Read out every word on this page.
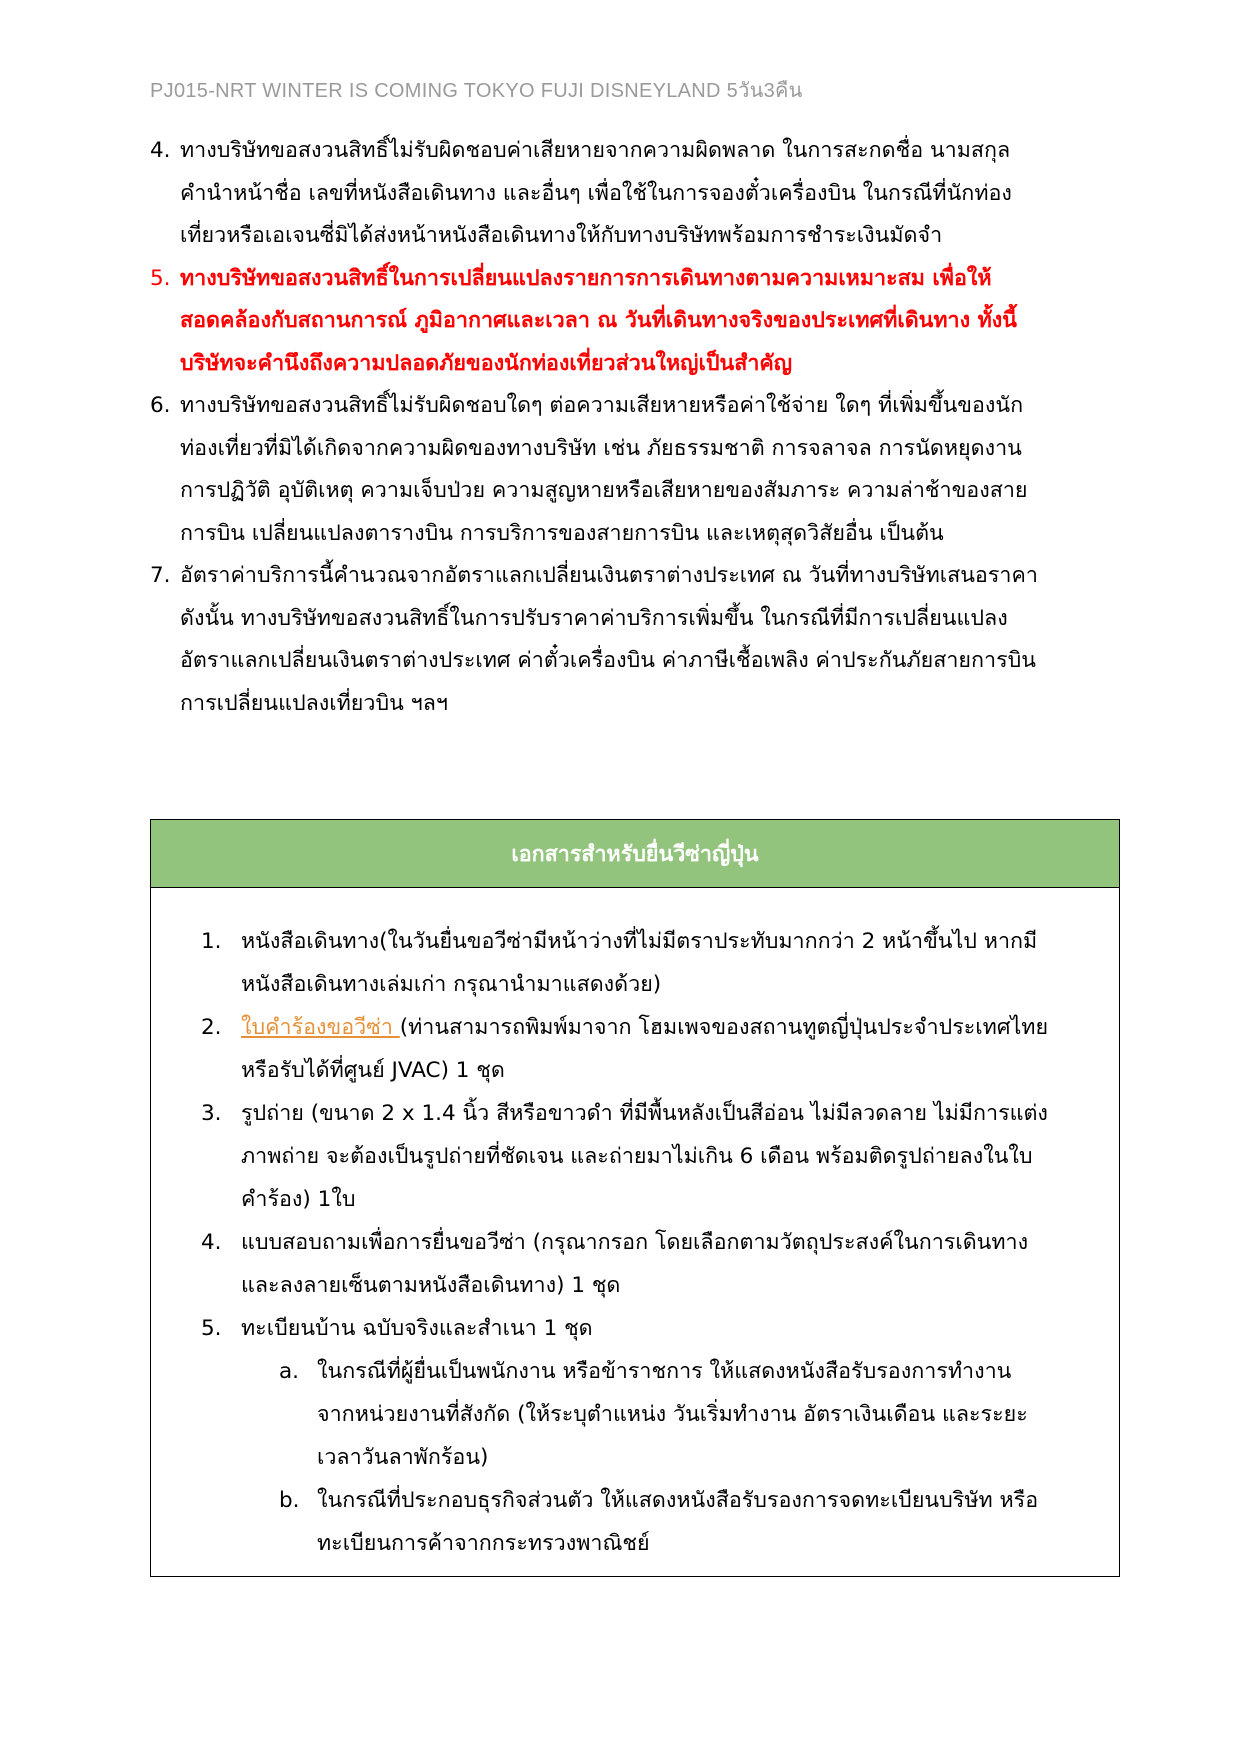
PJ015-NRT WINTER IS COMING TOKYO FUJI DISNEYLAND 5วัน3คืน
4. ทางบริษัทขอสงวนสิทธิ์ไม่รับผิดชอบค่าเสียหายจากความผิดพลาด ในการสะกดชื่อ นามสกุล
คำนำหน้าชื่อ เลขที่หนังสือเดินทาง และอื่นๆ เพื่อใช้ในการจองตั๋วเครื่องบิน ในกรณีที่นักท่อง
เที่ยวหรือเอเจนซี่มิได้ส่งหน้าหนังสือเดินทางให้กับทางบริษัทพร้อมการชำระเงินมัดจำ
5. ทางบริษัทขอสงวนสิทธิ์ในการเปลี่ยนแปลงรายการการเดินทางตามความเหมาะสม เพื่อให้
สอดคล้องกับสถานการณ์ ภูมิอากาศและเวลา ณ วันที่เดินทางจริงของประเทศที่เดินทาง ทั้งนี้
บริษัทจะคำนึงถึงความปลอดภัยของนักท่องเที่ยวส่วนใหญ่เป็นสำคัญ
6. ทางบริษัทขอสงวนสิทธิ์ไม่รับผิดชอบใดๆ ต่อความเสียหายหรือค่าใช้จ่าย ใดๆ ที่เพิ่มขึ้นของนัก
ท่องเที่ยวที่มิได้เกิดจากความผิดของทางบริษัท เช่น ภัยธรรมชาติ การจลาจล การนัดหยุดงาน
การปฏิวัติ อุบัติเหตุ ความเจ็บป่วย ความสูญหายหรือเสียหายของสัมภาระ ความล่าช้าของสาย
การบิน เปลี่ยนแปลงตารางบิน การบริการของสายการบิน และเหตุสุดวิสัยอื่น เป็นต้น
7. อัตราค่าบริการนี้คำนวณจากอัตราแลกเปลี่ยนเงินตราต่างประเทศ ณ วันที่ทางบริษัทเสนอราคา
ดังนั้น ทางบริษัทขอสงวนสิทธิ์ในการปรับราคาค่าบริการเพิ่มขึ้น ในกรณีที่มีการเปลี่ยนแปลง
อัตราแลกเปลี่ยนเงินตราต่างประเทศ ค่าตั๋วเครื่องบิน ค่าภาษีเชื้อเพลิง ค่าประกันภัยสายการบิน
การเปลี่ยนแปลงเที่ยวบิน ฯลฯ
เอกสารสำหรับยื่นวีซ่าญี่ปุ่น
1. หนังสือเดินทาง(ในวันยื่นขอวีซ่ามีหน้าว่างที่ไม่มีตราประทับมากกว่า 2 หน้าขึ้นไป หากมี
หนังสือเดินทางเล่มเก่า กรุณานำมาแสดงด้วย)
2. ใบคำร้องขอวีซ่า (ท่านสามารถพิมพ์มาจาก โฮมเพจของสถานทูตญี่ปุ่นประจำประเทศไทย
หรือรับได้ที่ศูนย์ JVAC) 1 ชุด
3. รูปถ่าย (ขนาด 2 x 1.4 นิ้ว สีหรือขาวดำ ที่มีพื้นหลังเป็นสีอ่อน ไม่มีลวดลาย ไม่มีการแต่ง
ภาพถ่าย จะต้องเป็นรูปถ่ายที่ชัดเจน และถ่ายมาไม่เกิน 6 เดือน พร้อมติดรูปถ่ายลงในใบ
คำร้อง) 1ใบ
4. แบบสอบถามเพื่อการยื่นขอวีซ่า (กรุณากรอก โดยเลือกตามวัตถุประสงค์ในการเดินทาง
และลงลายเซ็นตามหนังสือเดินทาง) 1 ชุด
5. ทะเบียนบ้าน ฉบับจริงและสำเนา 1 ชุด
a. ในกรณีที่ผู้ยื่นเป็นพนักงาน หรือข้าราชการ ให้แสดงหนังสือรับรองการทำงาน
จากหน่วยงานที่สังกัด (ให้ระบุตำแหน่ง วันเริ่มทำงาน อัตราเงินเดือน และระยะ
เวลาวันลาพักร้อน)
b. ในกรณีที่ประกอบธุรกิจส่วนตัว ให้แสดงหนังสือรับรองการจดทะเบียนบริษัท หรือ
ทะเบียนการค้าจากกระทรวงพาณิชย์
